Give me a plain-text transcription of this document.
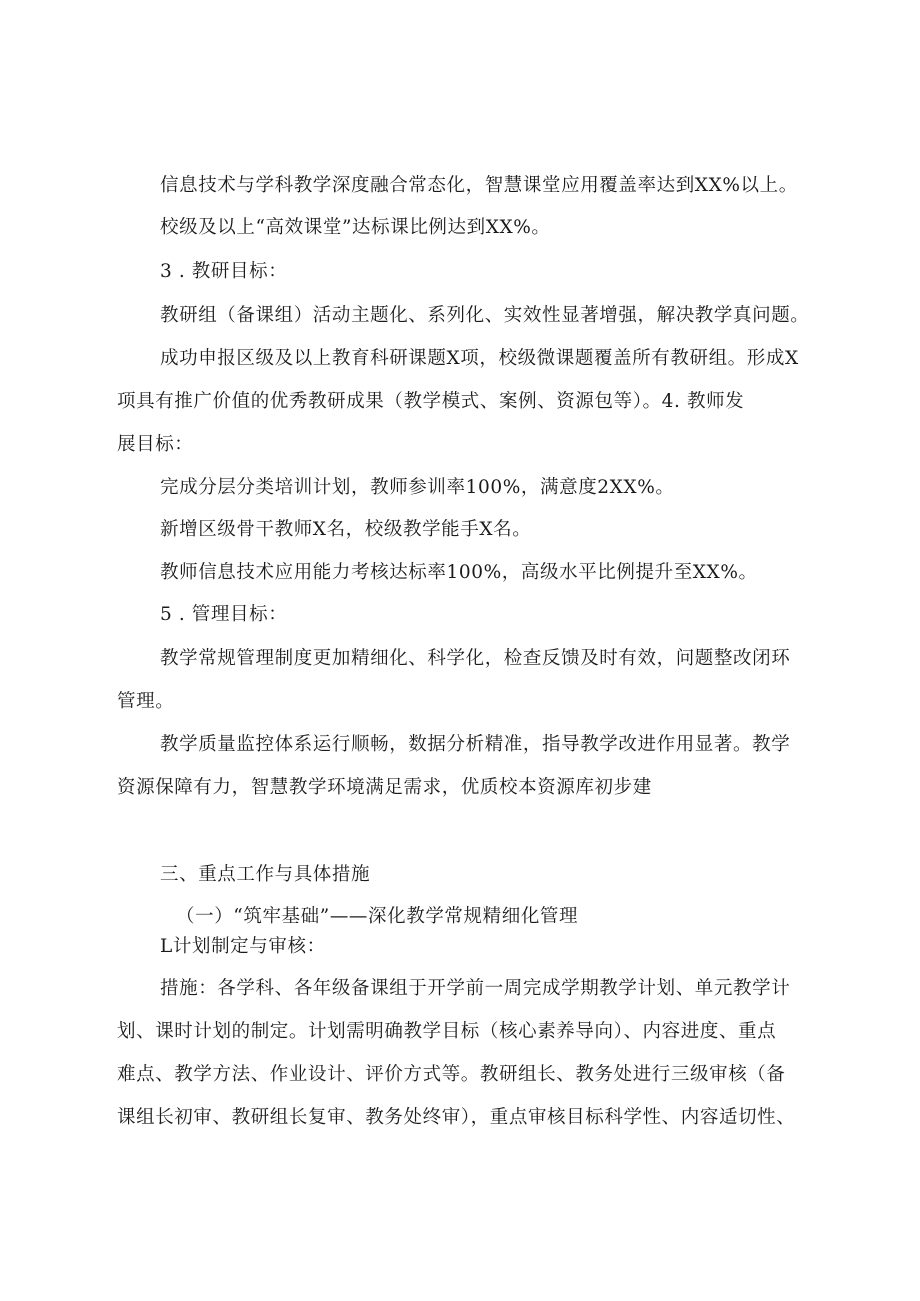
信息技术与学科教学深度融合常态化，智慧课堂应用覆盖率达到XX%以上。
校级及以上“高效课堂”达标课比例达到XX%。
3 . 教研目标：
教研组（备课组）活动主题化、系列化、实效性显著增强，解决教学真问题。
成功申报区级及以上教育科研课题X项，校级微课题覆盖所有教研组。形成X
项具有推广价值的优秀教研成果（教学模式、案例、资源包等）。4. 教师发
展目标：
完成分层分类培训计划，教师参训率100%，满意度2XX%。
新增区级骨干教师X名，校级教学能手X名。
教师信息技术应用能力考核达标率100%，高级水平比例提升至XX%。
5 . 管理目标：
教学常规管理制度更加精细化、科学化，检查反馈及时有效，问题整改闭环
管理。
教学质量监控体系运行顺畅，数据分析精准，指导教学改进作用显著。教学
资源保障有力，智慧教学环境满足需求，优质校本资源库初步建
三、重点工作与具体措施
（一）“筑牢基础”——深化教学常规精细化管理
L计划制定与审核：
措施：各学科、各年级备课组于开学前一周完成学期教学计划、单元教学计
划、课时计划的制定。计划需明确教学目标（核心素养导向）、内容进度、重点
难点、教学方法、作业设计、评价方式等。教研组长、教务处进行三级审核（备
课组长初审、教研组长复审、教务处终审），重点审核目标科学性、内容适切性、
